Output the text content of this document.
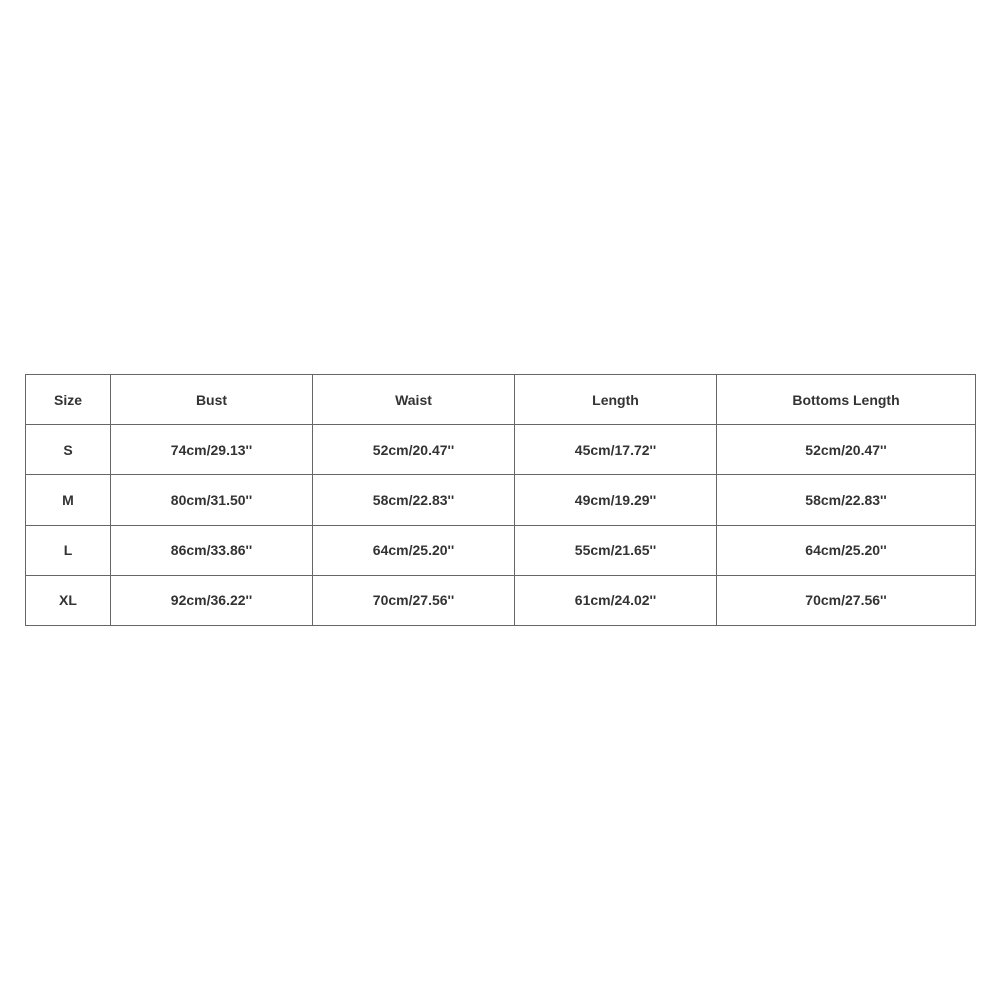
Size	Bust	Waist	Length	Bottoms Length
S	74cm/29.13''	52cm/20.47''	45cm/17.72''	52cm/20.47''
M	80cm/31.50''	58cm/22.83''	49cm/19.29''	58cm/22.83''
L	86cm/33.86''	64cm/25.20''	55cm/21.65''	64cm/25.20''
XL	92cm/36.22''	70cm/27.56''	61cm/24.02''	70cm/27.56''
